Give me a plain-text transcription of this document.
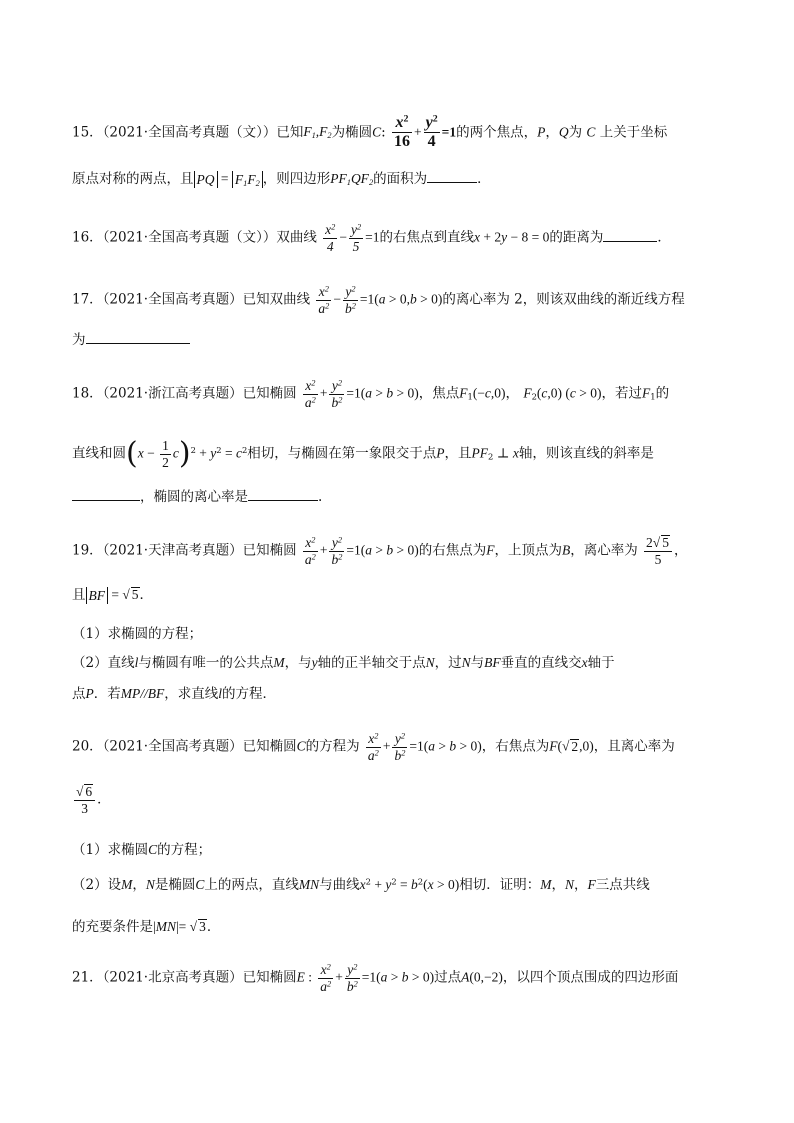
15．（2021·全国高考真题（文））已知$F_1,F_2$为椭圆C: $\frac{x^2}{16} + \frac{y^2}{4} =1$的两个焦点，P，Q为 C 上关于坐标
原点对称的两点，且 PQ = $F_1F_2$ ，则四边形$PF_1QF_2$的面积为	．
16．（2021·全国高考真题（文））双曲线 $\frac{x^2}{4} - \frac{y^2}{5} =1$的右焦点到直线x + 2y − 8 = 0的距离为	．
17．（2021·全国高考真题）已知双曲线 $\frac{x^2}{a^2} - \frac{y^2}{b^2} =1(a > 0,b > 0)$的离心率为 2，则该双曲线的渐近线方程
为
18．（2021·浙江高考真题）已知椭圆 $\frac{x^2}{a^2} + \frac{y^2}{b^2} =1(a > b > 0)$，焦点$F_1(-c,0)$， $F_2(c,0) (c > 0)$，若过$F_1$的
直线和圆$(x - \frac{1}{2} c)^2 + y^2 = c^2$相切，与椭圆在第一象限交于点P，且$PF_2$ ⊥ x轴，则该直线的斜率是
，椭圆的离心率是	.
19．（2021·天津高考真题）已知椭圆 $\frac{x^2}{a^2} + \frac{y^2}{b^2} =1(a > b > 0)$的右焦点为F，上顶点为B，离心率为 $\frac{2√ 5}{5}$ ，
且 BF = √ 5．
（1）求椭圆的方程；
（2）直线l与椭圆有唯一的公共点M，与y轴的正半轴交于点N，过N与BF垂直的直线交x轴于
点P．若MP//BF，求直线l的方程．
20．（2021·全国高考真题）已知椭圆C的方程为 $\frac{x^2}{a^2} + \frac{y^2}{b^2} =1(a > b > 0)$，右焦点为F(√ 2,0)，且离心率为
$\frac{√ 6}{3}$ ．
（1）求椭圆C的方程；
（2）设M，N是椭圆C上的两点，直线MN与曲线$x^2 + y^2 = b^2(x > 0)$相切．证明：M，N，F三点共线
的充要条件是|MN|= √ 3．
21．（2021·北京高考真题）已知椭圆E : $\frac{x^2}{a^2} + \frac{y^2}{b^2} =1(a > b > 0)$过点A(0,−2)，以四个顶点围成的四边形面
